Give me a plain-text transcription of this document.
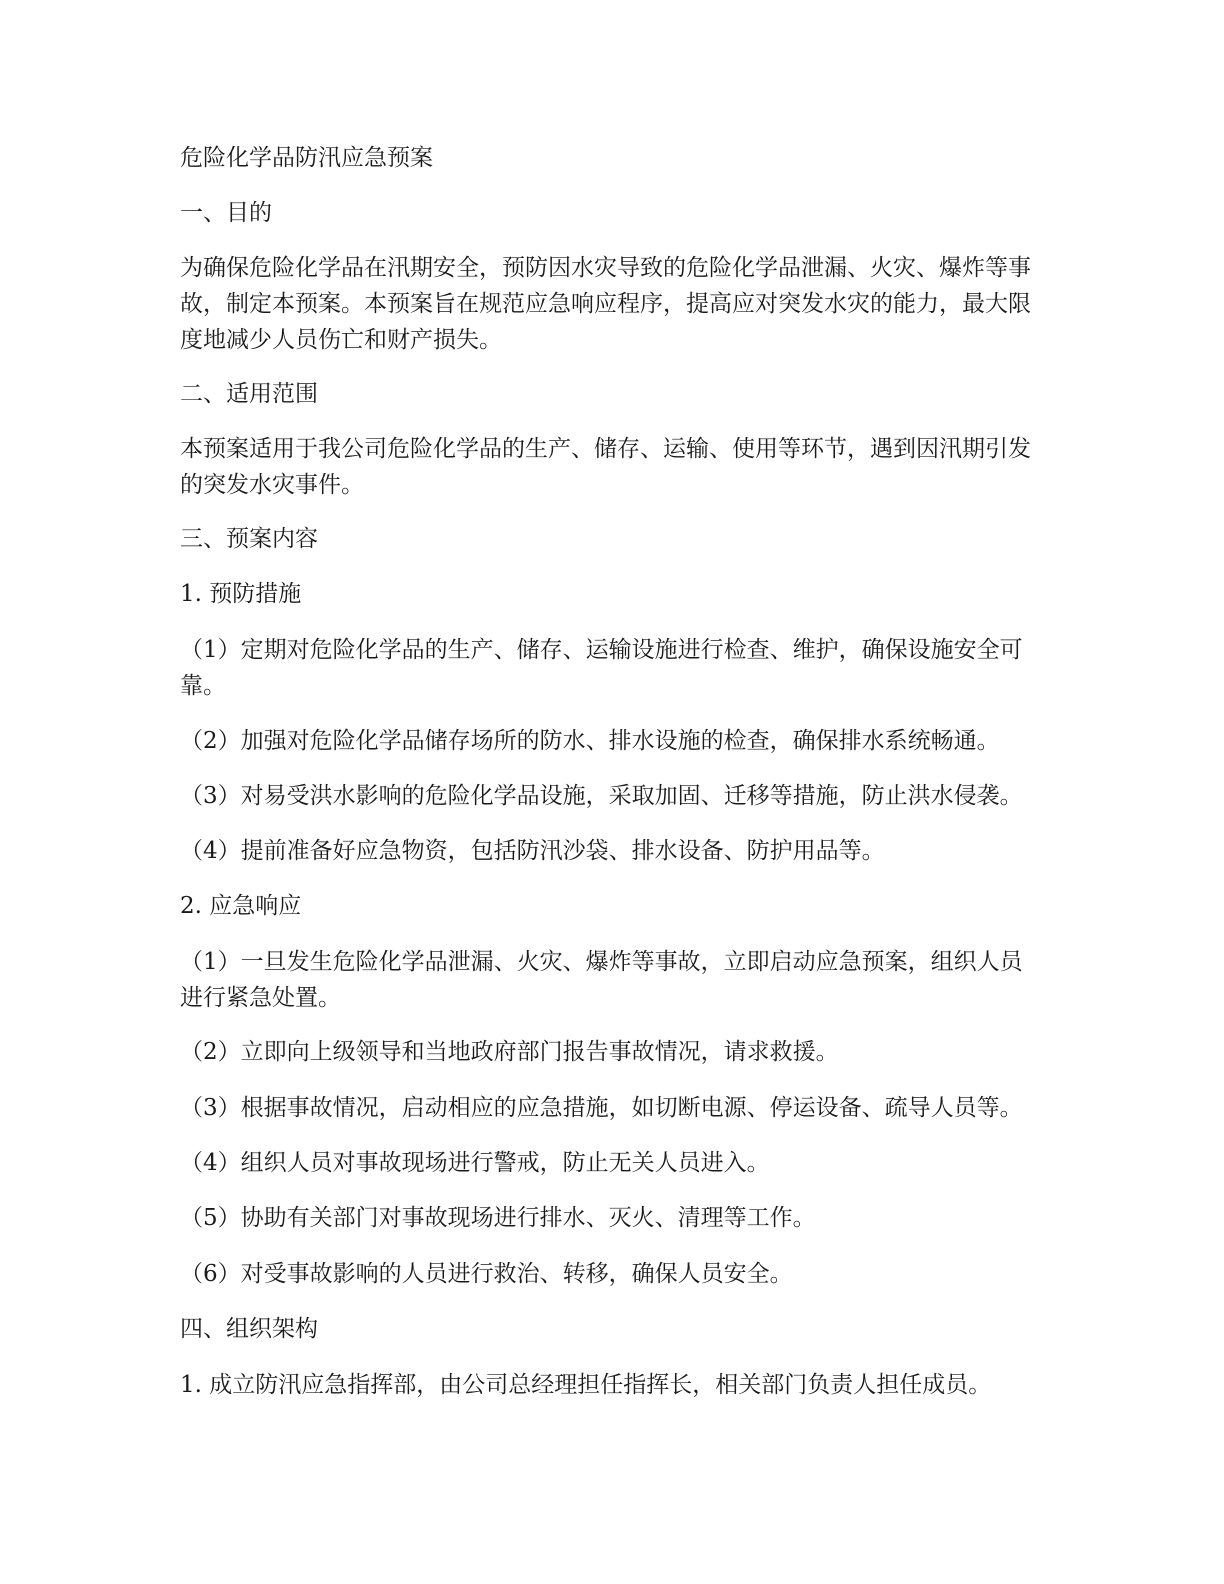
危险化学品防汛应急预案
一、目的
为确保危险化学品在汛期安全，预防因水灾导致的危险化学品泄漏、火灾、爆炸等事故，制定本预案。本预案旨在规范应急响应程序，提高应对突发水灾的能力，最大限度地减少人员伤亡和财产损失。
二、适用范围
本预案适用于我公司危险化学品的生产、储存、运输、使用等环节，遇到因汛期引发的突发水灾事件。
三、预案内容
1. 预防措施
（1）定期对危险化学品的生产、储存、运输设施进行检查、维护，确保设施安全可靠。
（2）加强对危险化学品储存场所的防水、排水设施的检查，确保排水系统畅通。
（3）对易受洪水影响的危险化学品设施，采取加固、迁移等措施，防止洪水侵袭。
（4）提前准备好应急物资，包括防汛沙袋、排水设备、防护用品等。
2. 应急响应
（1）一旦发生危险化学品泄漏、火灾、爆炸等事故，立即启动应急预案，组织人员进行紧急处置。
（2）立即向上级领导和当地政府部门报告事故情况，请求救援。
（3）根据事故情况，启动相应的应急措施，如切断电源、停运设备、疏导人员等。
（4）组织人员对事故现场进行警戒，防止无关人员进入。
（5）协助有关部门对事故现场进行排水、灭火、清理等工作。
（6）对受事故影响的人员进行救治、转移，确保人员安全。
四、组织架构
1. 成立防汛应急指挥部，由公司总经理担任指挥长，相关部门负责人担任成员。
